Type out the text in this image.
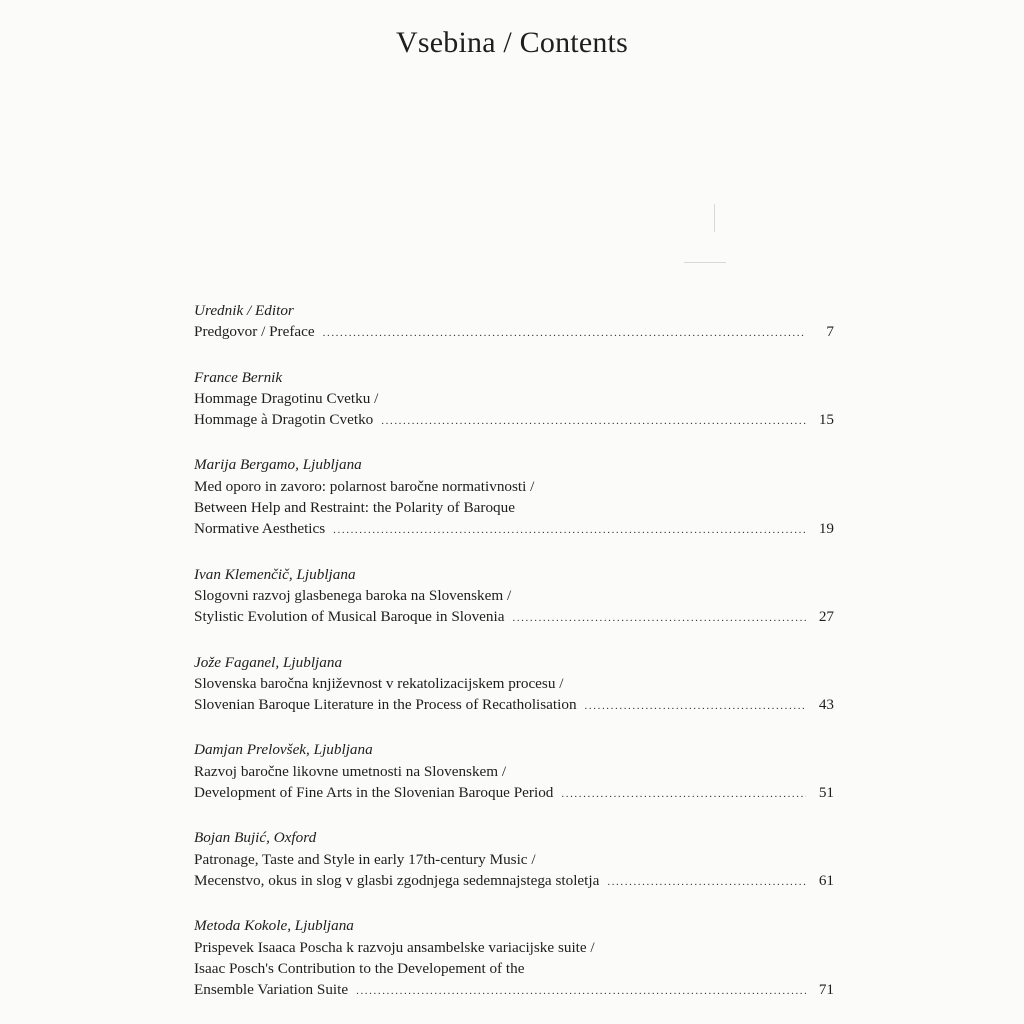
Vsebina / Contents
Urednik / Editor
Predgovor / Preface .....	7
France Bernik
Hommage Dragotinu Cvetku /
Hommage à Dragotin Cvetko .....	15
Marija Bergamo, Ljubljana
Med oporo in zavoro: polarnost baročne normativnosti /
Between Help and Restraint: the Polarity of Baroque
Normative Aesthetics .....	19
Ivan Klemenčič, Ljubljana
Slogovni razvoj glasbenega baroka na Slovenskem /
Stylistic Evolution of Musical Baroque in Slovenia .....	27
Jože Faganel, Ljubljana
Slovenska baročna književnost v rekatolizacijskem procesu /
Slovenian Baroque Literature in the Process of Recatholisation .....	43
Damjan Prelovšek, Ljubljana
Razvoj baročne likovne umetnosti na Slovenskem /
Development of Fine Arts in the Slovenian Baroque Period .....	51
Bojan Bujić, Oxford
Patronage, Taste and Style in early 17th-century Music /
Mecenstvo, okus in slog v glasbi zgodnjega sedemnajstega stoletja .....	61
Metoda Kokole, Ljubljana
Prispevek Isaaca Poscha k razvoju ansambelske variacijske suite /
Isaac Posch's Contribution to the Developement of the
Ensemble Variation Suite .....	71
